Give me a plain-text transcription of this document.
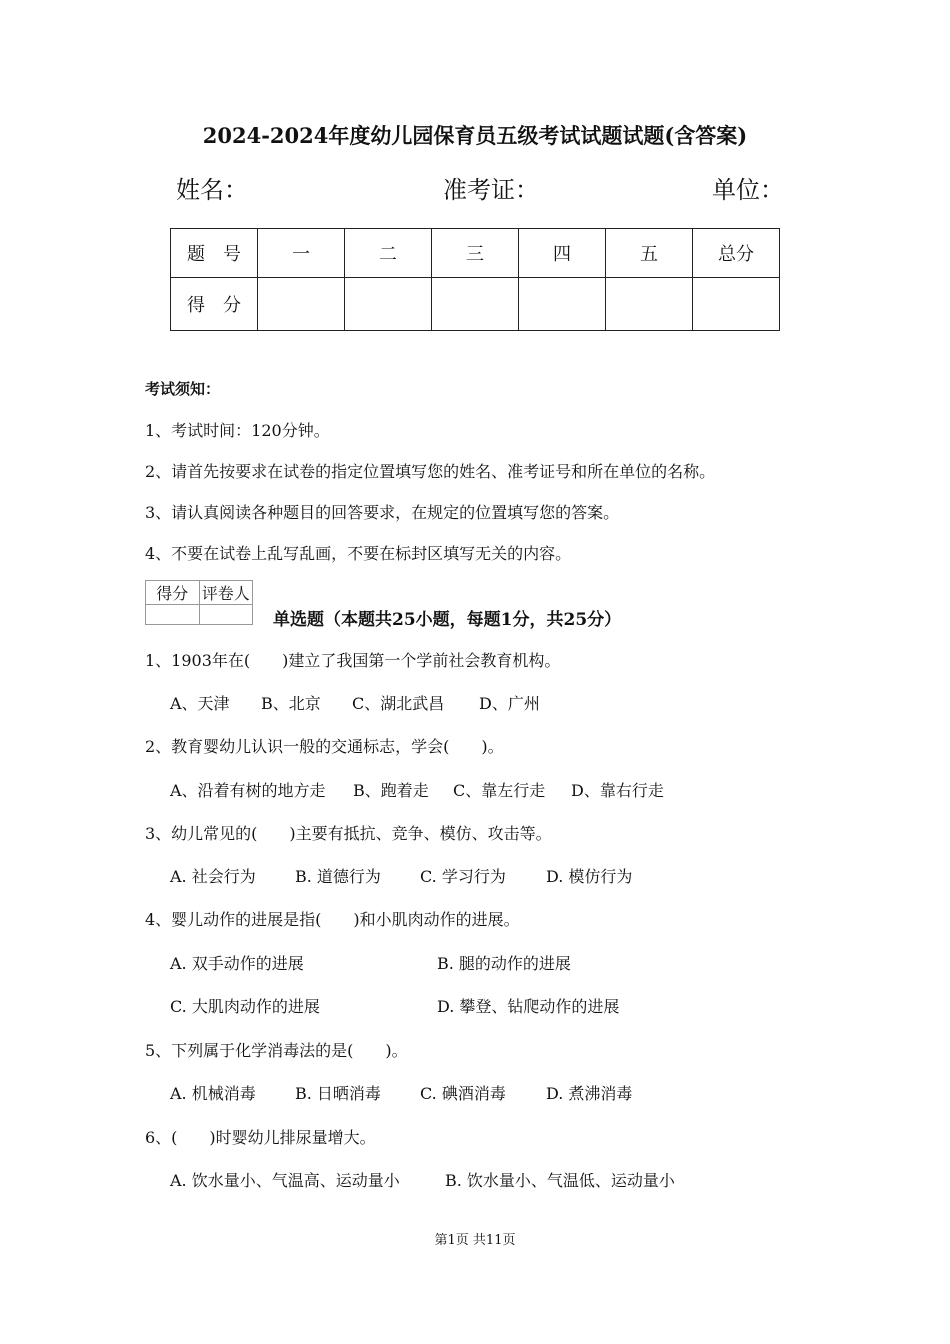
2024-2024年度幼儿园保育员五级考试试题试题(含答案)
姓名：	准考证：	单位：
题　号	一	二	三	四	五	总分
得　分						
考试须知：
1、考试时间：120分钟。
2、请首先按要求在试卷的指定位置填写您的姓名、准考证号和所在单位的名称。
3、请认真阅读各种题目的回答要求，在规定的位置填写您的答案。
4、不要在试卷上乱写乱画，不要在标封区填写无关的内容。
得分	评卷人

单选题（本题共25小题，每题1分，共25分）
1、1903年在(　　)建立了我国第一个学前社会教育机构。
A、天津 B、北京 C、湖北武昌 D、广州
2、教育婴幼儿认识一般的交通标志，学会(　　)。
A、沿着有树的地方走 B、跑着走 C、靠左行走 D、靠右行走
3、幼儿常见的(　　)主要有抵抗、竞争、模仿、攻击等。
A. 社会行为 B. 道德行为 C. 学习行为	D. 模仿行为
4、婴儿动作的进展是指(　　)和小肌肉动作的进展。
A. 双手动作的进展	B. 腿的动作的进展
C. 大肌肉动作的进展	D. 攀登、钻爬动作的进展
5、下列属于化学消毒法的是(　　)。
A. 机械消毒 B. 日晒消毒 C. 碘酒消毒	D. 煮沸消毒
6、(　　)时婴幼儿排尿量增大。
A. 饮水量小、气温高、运动量小	B. 饮水量小、气温低、运动量小
第1页 共11页
